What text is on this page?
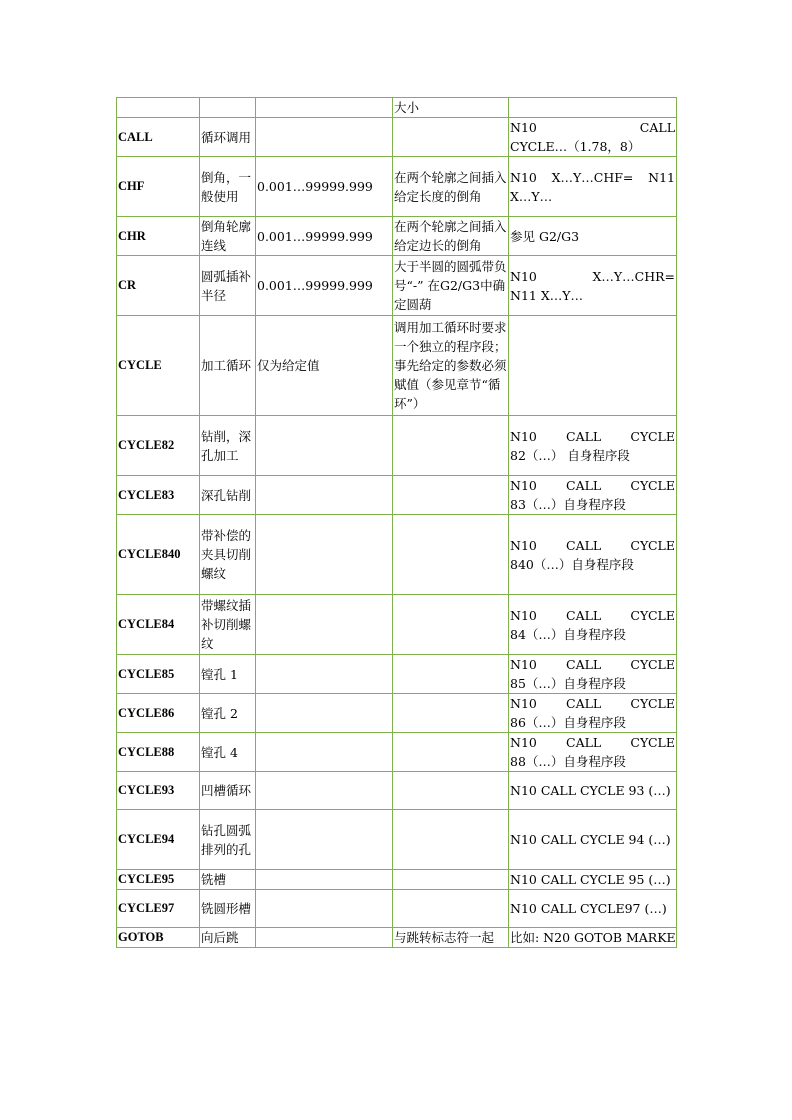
			大小	

CALL	循环调用			N10 CALL
CYCLE…（1.78，8）

CHF	倒角，一般使用	0.001…99999.999	在两个轮廓之间插入给定长度的倒角	N10 X…Y…CHF= N11
X…Y…

CHR	倒角轮廓连线	0.001…99999.999	在两个轮廓之间插入给定边长的倒角	参见 G2/G3

CR	圆弧插补半径	0.001…99999.999	大于半圆的圆弧带负号“-” 在G2/G3中确定圆葫	N10 X…Y…CHR=
N11 X…Y…

CYCLE	加工循环	仅为给定值	调用加工循环时要求一个独立的程序段；事先给定的参数必须赋值（参见章节“循环”）	

CYCLE82	钻削，深孔加工			N10 CALL CYCLE
82（…） 自身程序段

CYCLE83	深孔钻削			N10 CALL CYCLE
83（…）自身程序段

CYCLE840	带补偿的夹具切削螺纹			N10 CALL CYCLE
840（…）自身程序段

CYCLE84	带螺纹插补切削螺纹			N10 CALL CYCLE
84（…）自身程序段

CYCLE85	镗孔 1			N10 CALL CYCLE
85（…）自身程序段

CYCLE86	镗孔 2			N10 CALL CYCLE
86（…）自身程序段

CYCLE88	镗孔 4			N10 CALL CYCLE
88（…）自身程序段

CYCLE93	凹槽循环			N10 CALL CYCLE 93 (…)

CYCLE94	钻孔圆弧排列的孔			N10 CALL CYCLE 94 (…)

CYCLE95	铣槽			N10 CALL CYCLE 95 (…)

CYCLE97	铣圆形槽			N10 CALL CYCLE97 (…)

GOTOB	向后跳		与跳转标志符一起	比如: N20 GOTOB MARKE
